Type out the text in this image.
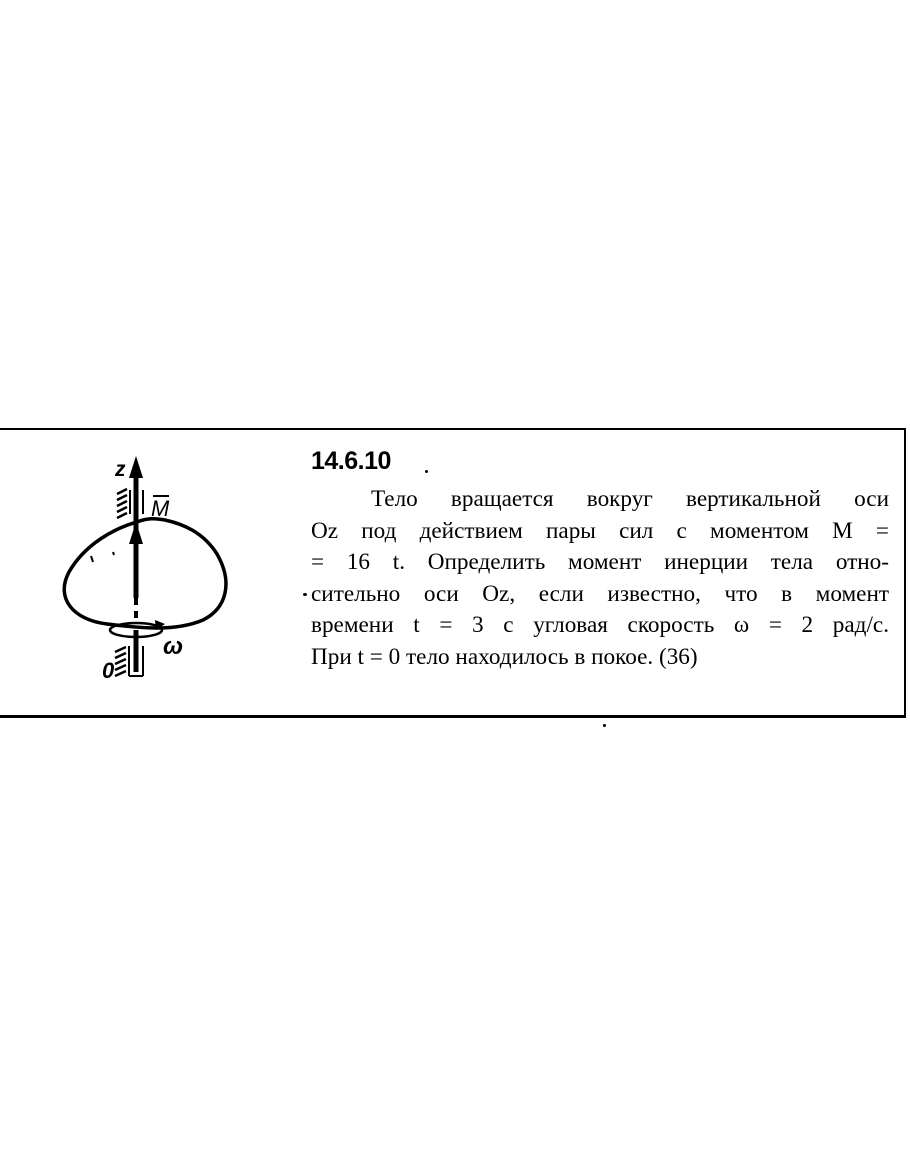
z
M
0
ω
14.6.10
Тело вращается вокруг вертикальной оси
Oz под действием пары сил с моментом M =
= 16 t. Определить момент инерции тела отно-
сительно оси Oz, если известно, что в момент
времени t = 3 с угловая скорость ω = 2 рад/с.
При t = 0 тело находилось в покое. (36)
